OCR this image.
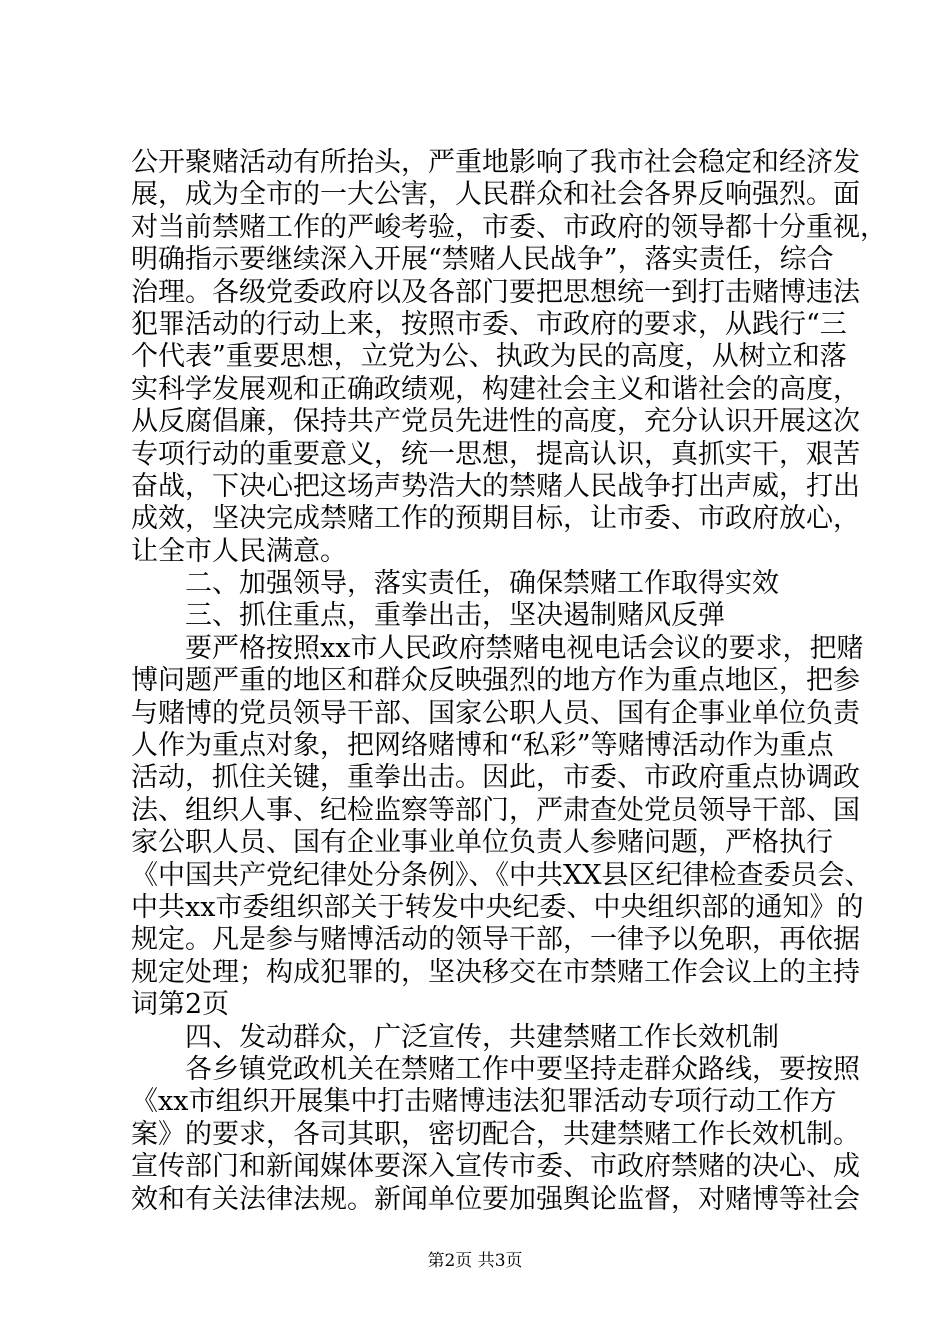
公开聚赌活动有所抬头，严重地影响了我市社会稳定和经济发
展，成为全市的一大公害，人民群众和社会各界反响强烈。面
对当前禁赌工作的严峻考验，市委、市政府的领导都十分重视，
明确指示要继续深入开展“禁赌人民战争”，落实责任，综合
治理。各级党委政府以及各部门要把思想统一到打击赌博违法
犯罪活动的行动上来，按照市委、市政府的要求，从践行“三
个代表”重要思想，立党为公、执政为民的高度，从树立和落
实科学发展观和正确政绩观，构建社会主义和谐社会的高度，
从反腐倡廉，保持共产党员先进性的高度，充分认识开展这次
专项行动的重要意义，统一思想，提高认识，真抓实干，艰苦
奋战，下决心把这场声势浩大的禁赌人民战争打出声威，打出
成效，坚决完成禁赌工作的预期目标，让市委、市政府放心，
让全市人民满意。
二、加强领导，落实责任，确保禁赌工作取得实效
三、抓住重点，重拳出击，坚决遏制赌风反弹
要严格按照xx市人民政府禁赌电视电话会议的要求，把赌
博问题严重的地区和群众反映强烈的地方作为重点地区，把参
与赌博的党员领导干部、国家公职人员、国有企事业单位负责
人作为重点对象，把网络赌博和“私彩”等赌博活动作为重点
活动，抓住关键，重拳出击。因此，市委、市政府重点协调政
法、组织人事、纪检监察等部门，严肃查处党员领导干部、国
家公职人员、国有企业事业单位负责人参赌问题，严格执行
《中国共产党纪律处分条例》、《中共XX县区纪律检查委员会、
中共xx市委组织部关于转发中央纪委、中央组织部的通知》的
规定。凡是参与赌博活动的领导干部，一律予以免职，再依据
规定处理；构成犯罪的，坚决移交在市禁赌工作会议上的主持
词第2页
四、发动群众，广泛宣传，共建禁赌工作长效机制
各乡镇党政机关在禁赌工作中要坚持走群众路线，要按照
《xx市组织开展集中打击赌博违法犯罪活动专项行动工作方
案》的要求，各司其职，密切配合，共建禁赌工作长效机制。
宣传部门和新闻媒体要深入宣传市委、市政府禁赌的决心、成
效和有关法律法规。新闻单位要加强舆论监督，对赌博等社会
第2页 共3页
